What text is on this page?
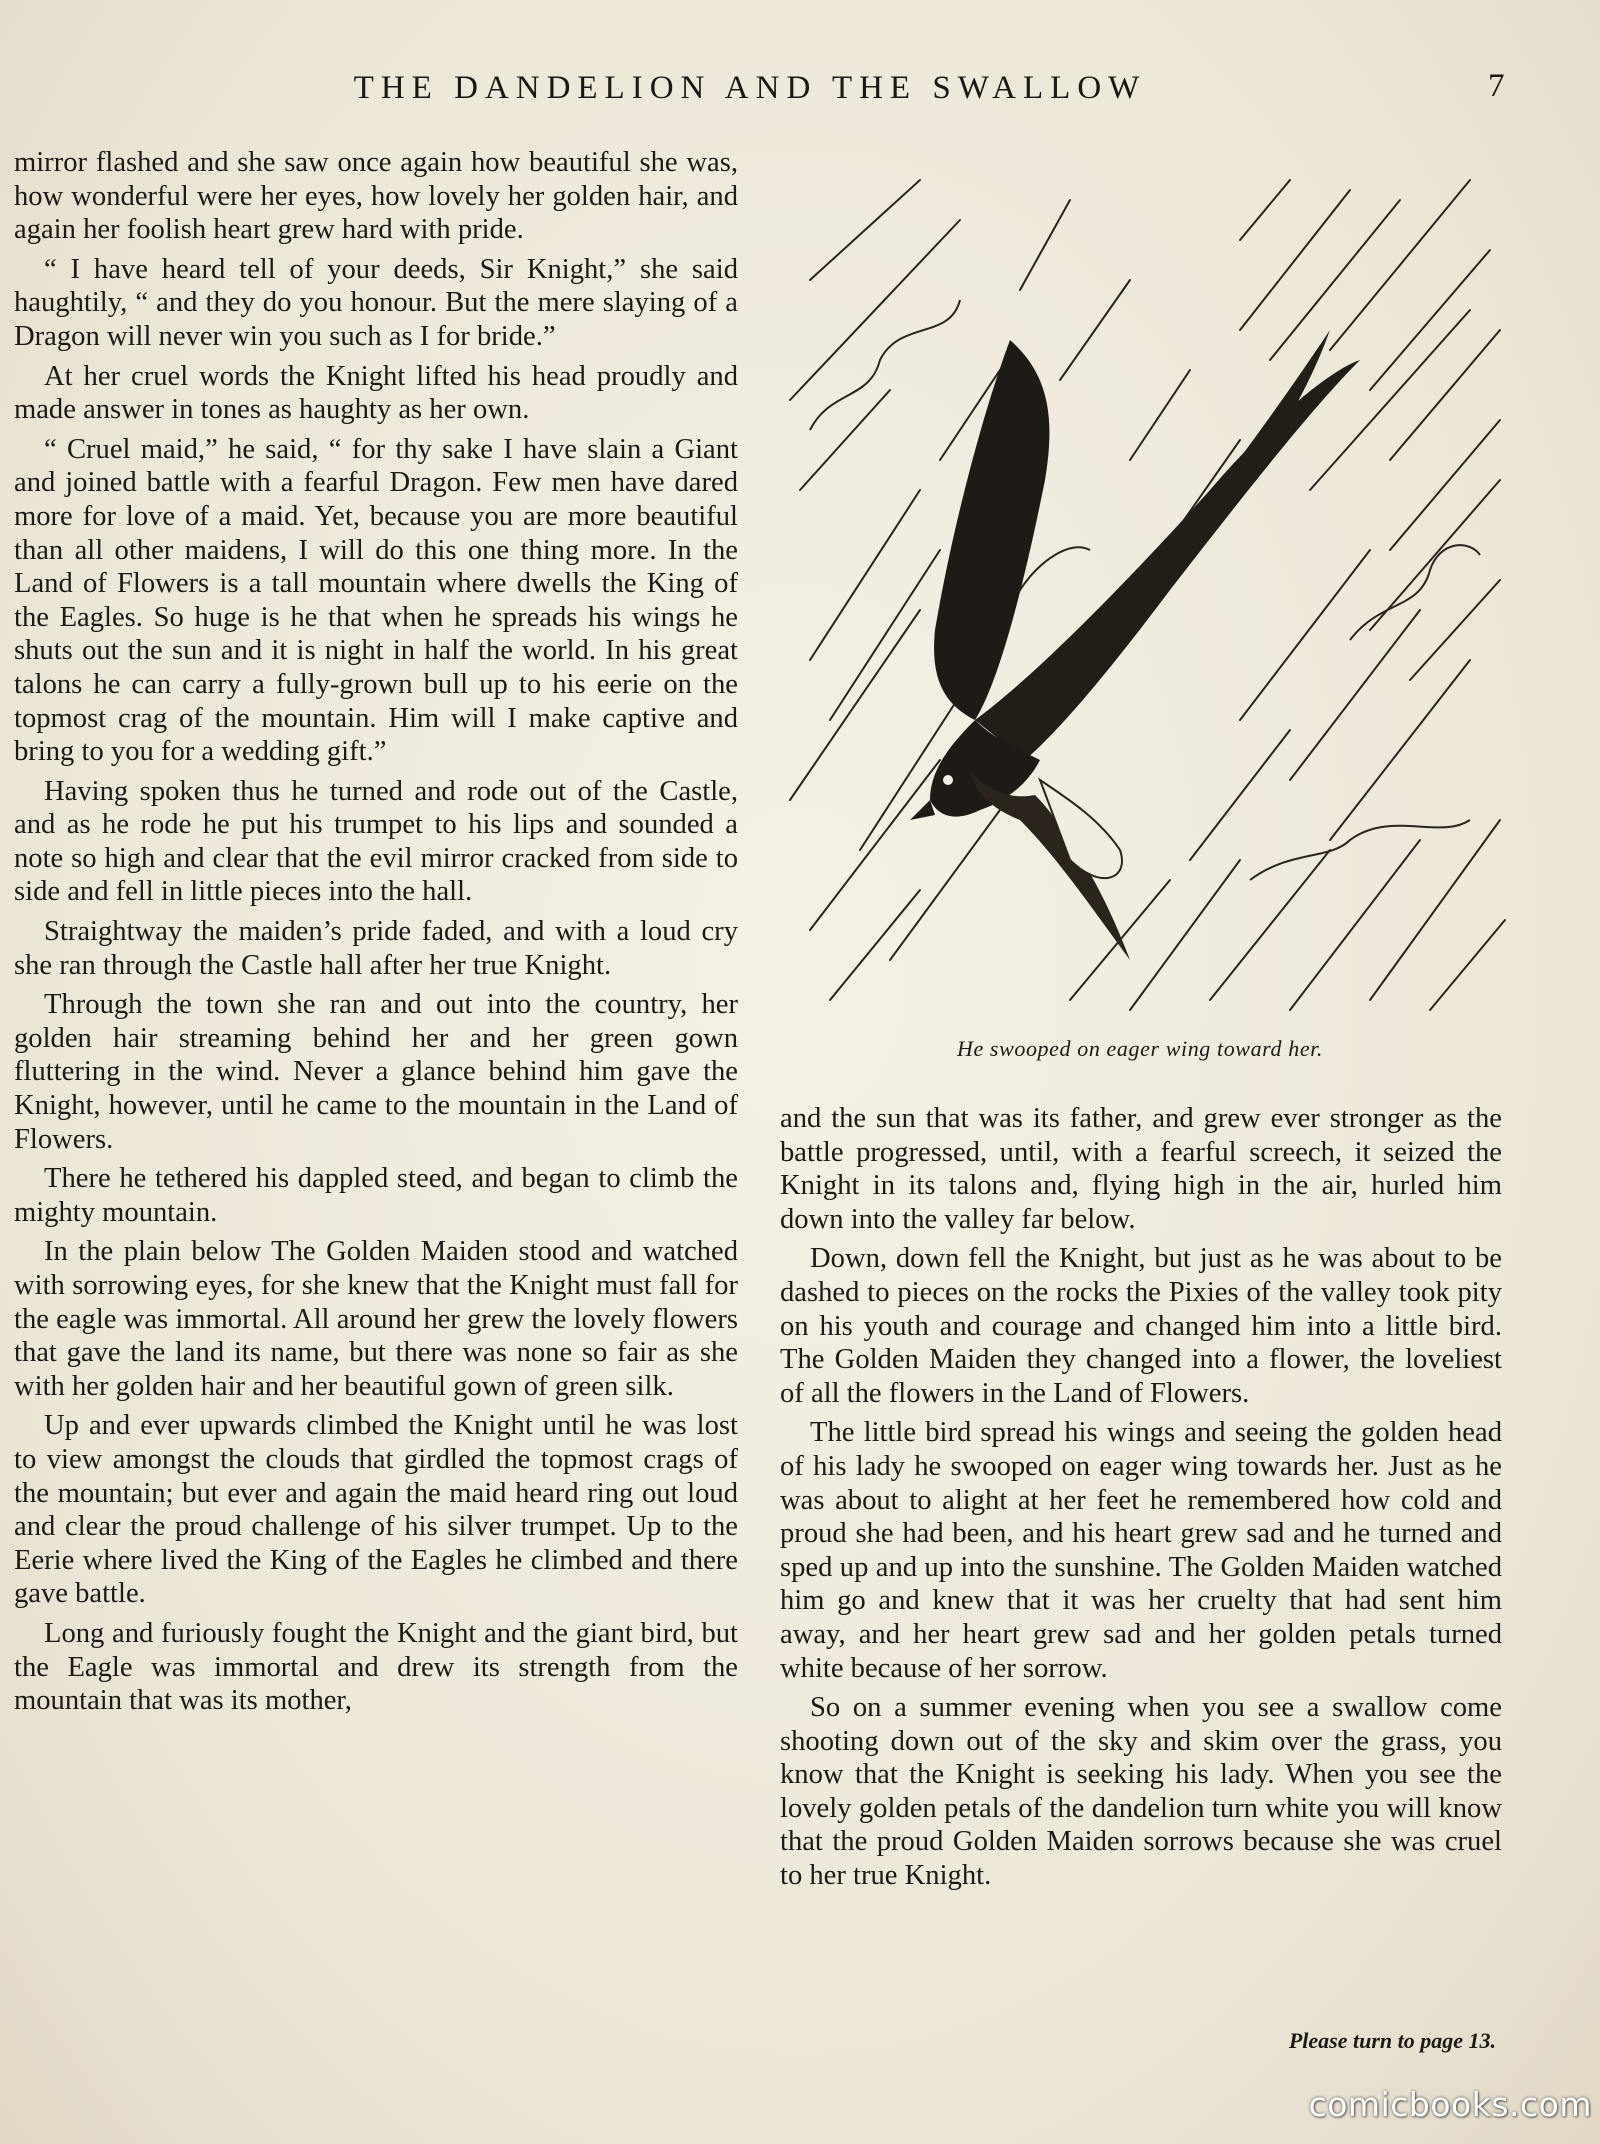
THE DANDELION AND THE SWALLOW	7

mirror flashed and she saw once again how beautiful she was, how wonderful were her eyes, how lovely her golden hair, and again her foolish heart grew hard with pride.

“ I have heard tell of your deeds, Sir Knight,” she said haughtily, “ and they do you honour. But the mere slaying of a Dragon will never win you such as I for bride.”

At her cruel words the Knight lifted his head proudly and made answer in tones as haughty as her own.

“ Cruel maid,” he said, “ for thy sake I have slain a Giant and joined battle with a fearful Dragon. Few men have dared more for love of a maid. Yet, because you are more beautiful than all other maidens, I will do this one thing more. In the Land of Flowers is a tall mountain where dwells the King of the Eagles. So huge is he that when he spreads his wings he shuts out the sun and it is night in half the world. In his great talons he can carry a fully-grown bull up to his eerie on the topmost crag of the mountain. Him will I make captive and bring to you for a wedding gift.”

Having spoken thus he turned and rode out of the Castle, and as he rode he put his trumpet to his lips and sounded a note so high and clear that the evil mirror cracked from side to side and fell in little pieces into the hall.

Straightway the maiden’s pride faded, and with a loud cry she ran through the Castle hall after her true Knight.

Through the town she ran and out into the country, her golden hair streaming behind her and her green gown fluttering in the wind. Never a glance behind him gave the Knight, however, until he came to the mountain in the Land of Flowers.

There he tethered his dappled steed, and began to climb the mighty mountain.

In the plain below The Golden Maiden stood and watched with sorrowing eyes, for she knew that the Knight must fall for the eagle was immortal. All around her grew the lovely flowers that gave the land its name, but there was none so fair as she with her golden hair and her beautiful gown of green silk.

Up and ever upwards climbed the Knight until he was lost to view amongst the clouds that girdled the topmost crags of the mountain; but ever and again the maid heard ring out loud and clear the proud challenge of his silver trumpet. Up to the Eerie where lived the King of the Eagles he climbed and there gave battle.

Long and furiously fought the Knight and the giant bird, but the Eagle was immortal and drew its strength from the mountain that was its mother,

He swooped on eager wing toward her.

and the sun that was its father, and grew ever stronger as the battle progressed, until, with a fearful screech, it seized the Knight in its talons and, flying high in the air, hurled him down into the valley far below.

Down, down fell the Knight, but just as he was about to be dashed to pieces on the rocks the Pixies of the valley took pity on his youth and courage and changed him into a little bird. The Golden Maiden they changed into a flower, the loveliest of all the flowers in the Land of Flowers.

The little bird spread his wings and seeing the golden head of his lady he swooped on eager wing towards her. Just as he was about to alight at her feet he remembered how cold and proud she had been, and his heart grew sad and he turned and sped up and up into the sunshine. The Golden Maiden watched him go and knew that it was her cruelty that had sent him away, and her heart grew sad and her golden petals turned white because of her sorrow.

So on a summer evening when you see a swallow come shooting down out of the sky and skim over the grass, you know that the Knight is seeking his lady. When you see the lovely golden petals of the dandelion turn white you will know that the proud Golden Maiden sorrows because she was cruel to her true Knight.

Please turn to page 13.
comicbooks.com
